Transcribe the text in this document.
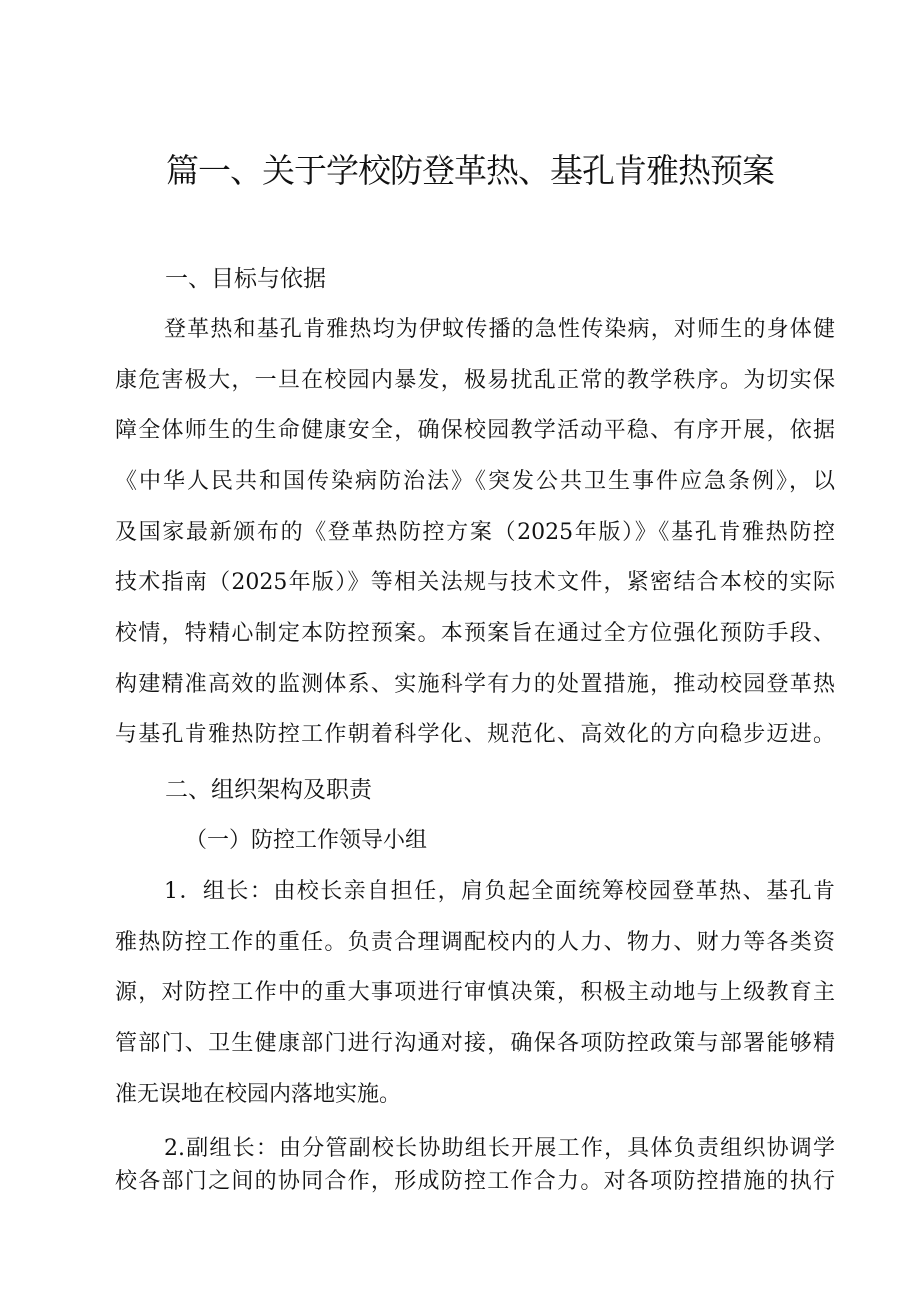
篇一、关于学校防登革热、基孔肯雅热预案
一、目标与依据
登革热和基孔肯雅热均为伊蚊传播的急性传染病，对师生的身体健
康危害极大，一旦在校园内暴发，极易扰乱正常的教学秩序。为切实保
障全体师生的生命健康安全，确保校园教学活动平稳、有序开展，依据
《中华人民共和国传染病防治法》《突发公共卫生事件应急条例》，以
及国家最新颁布的《登革热防控方案（2025年版）》《基孔肯雅热防控
技术指南（2025年版）》等相关法规与技术文件，紧密结合本校的实际
校情，特精心制定本防控预案。本预案旨在通过全方位强化预防手段、
构建精准高效的监测体系、实施科学有力的处置措施，推动校园登革热
与基孔肯雅热防控工作朝着科学化、规范化、高效化的方向稳步迈进。
二、组织架构及职责
（一）防控工作领导小组
1．组长：由校长亲自担任，肩负起全面统筹校园登革热、基孔肯
雅热防控工作的重任。负责合理调配校内的人力、物力、财力等各类资
源，对防控工作中的重大事项进行审慎决策，积极主动地与上级教育主
管部门、卫生健康部门进行沟通对接，确保各项防控政策与部署能够精
准无误地在校园内落地实施。
2.副组长：由分管副校长协助组长开展工作，具体负责组织协调学
校各部门之间的协同合作，形成防控工作合力。对各项防控措施的执行
